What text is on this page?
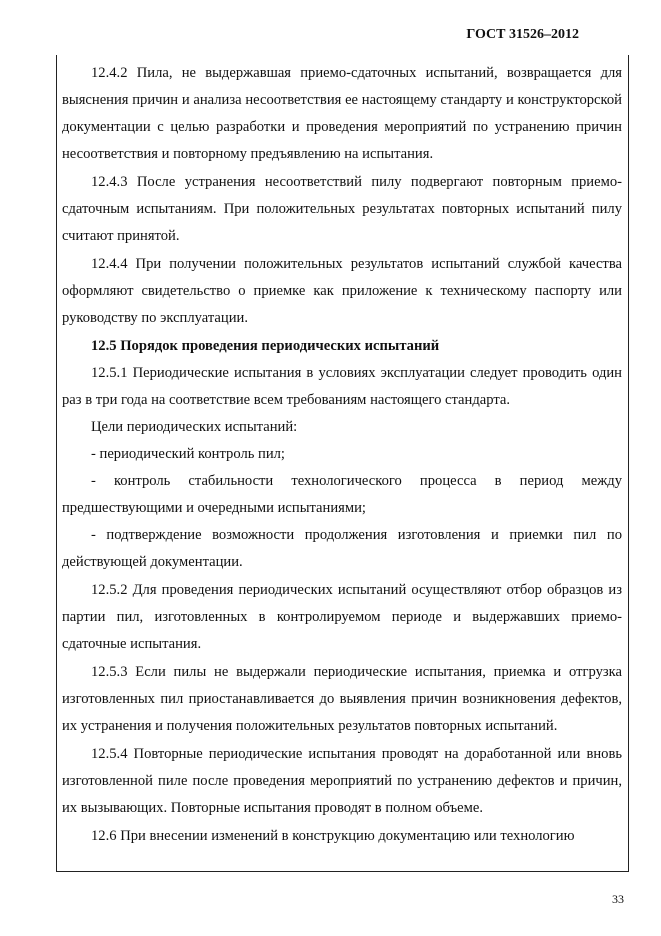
ГОСТ 31526–2012

12.4.2 Пила, не выдержавшая приемо-сдаточных испытаний, возвращается для выяснения причин и анализа несоответствия ее настоящему стандарту и конструкторской документации с целью разработки и проведения мероприятий по устранению причин несоответствия и повторному предъявлению на испытания.

12.4.3 После устранения несоответствий пилу подвергают повторным приемо-сдаточным испытаниям. При положительных результатах повторных испытаний пилу считают принятой.

12.4.4 При получении положительных результатов испытаний службой качества оформляют свидетельство о приемке как приложение к техническому паспорту или руководству по эксплуатации.

12.5 Порядок проведения периодических испытаний

12.5.1 Периодические испытания в условиях эксплуатации следует проводить один раз в три года на соответствие всем требованиям настоящего стандарта.

Цели периодических испытаний:

- периодический контроль пил;

- контроль стабильности технологического процесса в период между предшествующими и очередными испытаниями;

- подтверждение возможности продолжения изготовления и приемки пил по действующей документации.

12.5.2 Для проведения периодических испытаний осуществляют отбор образцов из партии пил, изготовленных в контролируемом периоде и выдержавших приемо-сдаточные испытания.

12.5.3 Если пилы не выдержали периодические испытания, приемка и отгрузка изготовленных пил приостанавливается до выявления причин возникновения дефектов, их устранения и получения положительных результатов повторных испытаний.

12.5.4 Повторные периодические испытания проводят на доработанной или вновь изготовленной пиле после проведения мероприятий по устранению дефектов и причин, их вызывающих. Повторные испытания проводят в полном объеме.

12.6 При внесении изменений в конструкцию документацию или технологию

33
